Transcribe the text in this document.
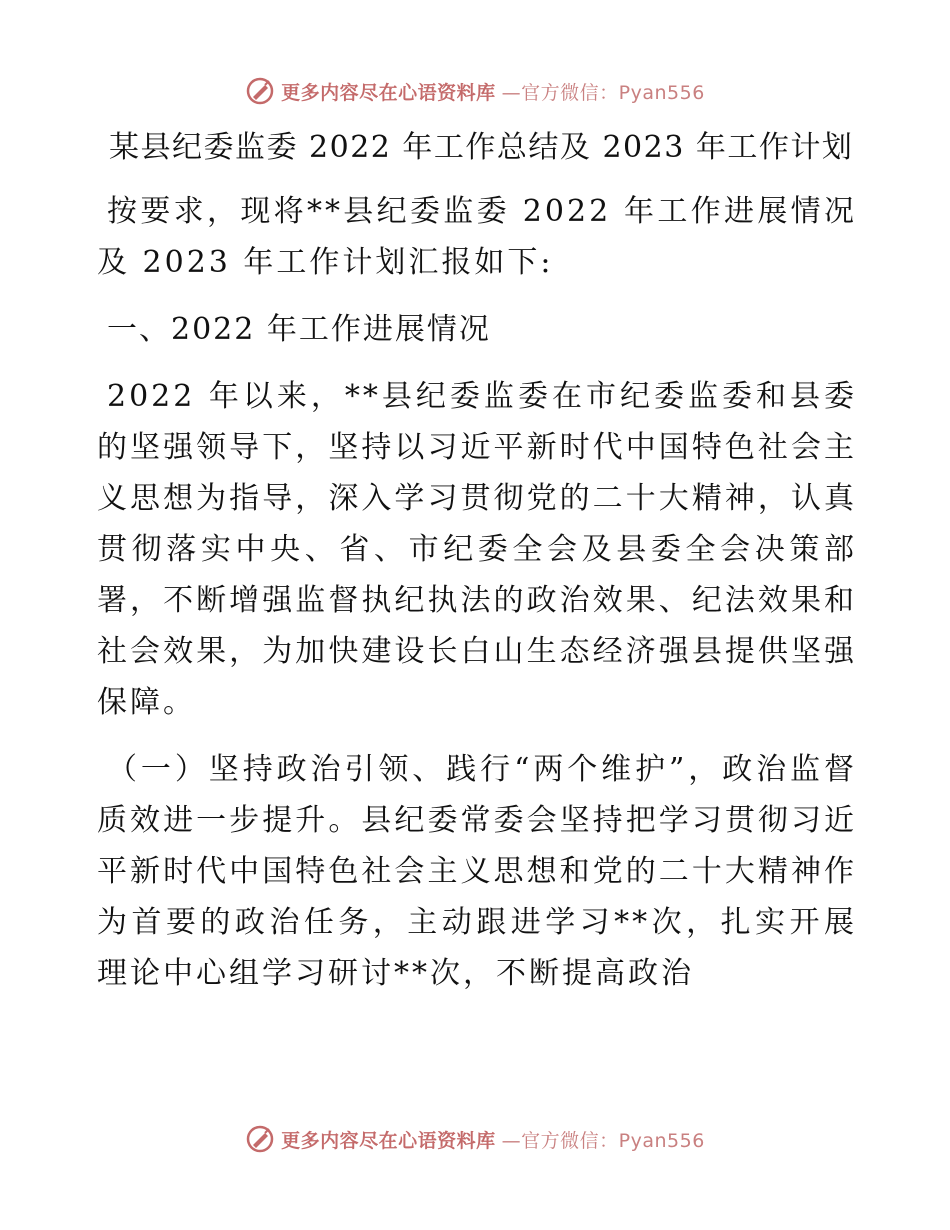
更多内容尽在心语资料库 —官方微信：Pyan556
某县纪委监委 2022 年工作总结及 2023 年工作计划

按要求，现将**县纪委监委 2022 年工作进展情况及 2023 年工作计划汇报如下:

一、2022 年工作进展情况

2022 年以来，**县纪委监委在市纪委监委和县委的坚强领导下，坚持以习近平新时代中国特色社会主义思想为指导，深入学习贯彻党的二十大精神，认真贯彻落实中央、省、市纪委全会及县委全会决策部署，不断增强监督执纪执法的政治效果、纪法效果和社会效果，为加快建设长白山生态经济强县提供坚强保障。

（一）坚持政治引领、践行“两个维护”，政治监督质效进一步提升。县纪委常委会坚持把学习贯彻习近平新时代中国特色社会主义思想和党的二十大精神作为首要的政治任务，主动跟进学习**次，扎实开展理论中心组学习研讨**次，不断提高政治

更多内容尽在心语资料库 —官方微信：Pyan556
